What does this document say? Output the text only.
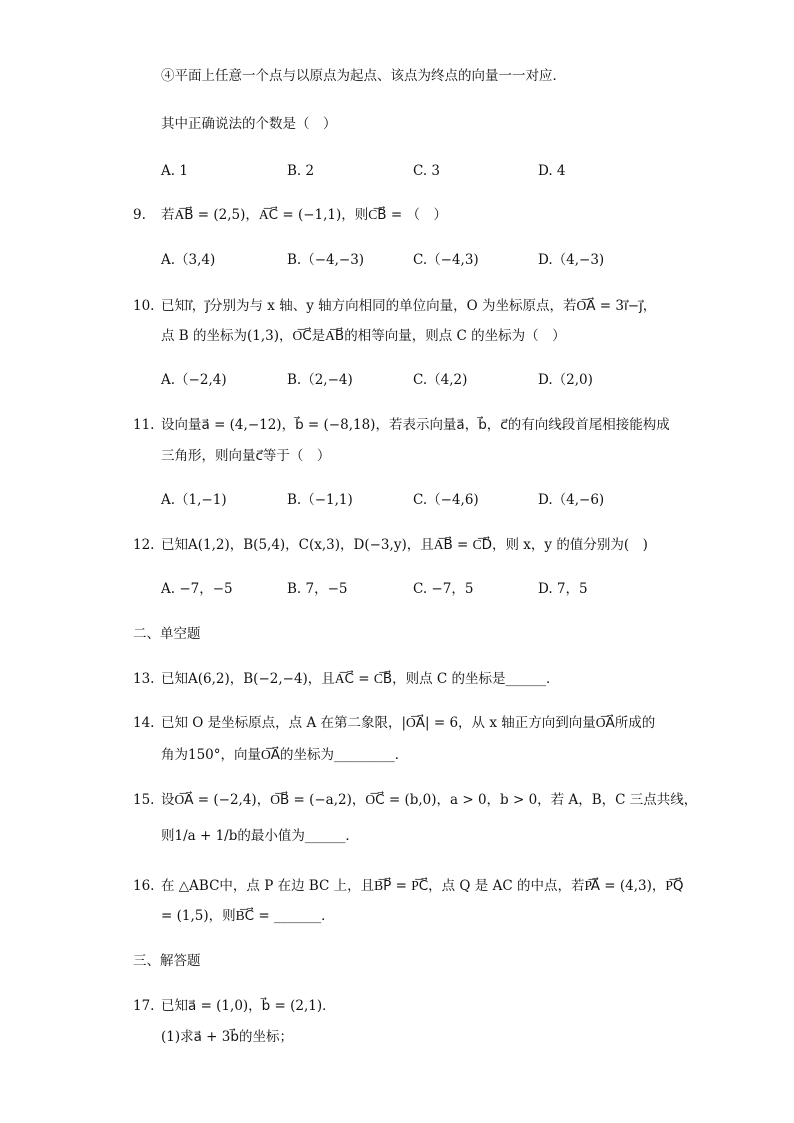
④平面上任意一个点与以原点为起点、该点为终点的向量一一对应．
其中正确说法的个数是（　）
A. 1	B. 2	C. 3	D. 4
9. 若A͞B⃗ = (2,5)，A͞C⃗ = (−1,1)，则C͞B⃗ = （　）
A.（3,4)	B.（−4,−3)	C.（−4,3)	D.（4,−3)
10. 已知i⃗，j⃗分别为与 x 轴、y 轴方向相同的单位向量，O 为坐标原点，若O͞A⃗ = 3i⃗−j⃗，
点 B 的坐标为(1,3)，O͞C⃗是A͞B⃗的相等向量，则点 C 的坐标为（　）
A.（−2,4)	B.（2,−4)	C.（4,2)	D.（2,0)
11. 设向量a⃗ = (4,−12)，b⃗ = (−8,18)，若表示向量a⃗，b⃗，c⃗的有向线段首尾相接能构成
三角形，则向量c⃗等于（　）
A.（1,−1)	B.（−1,1)	C.（−4,6)	D.（4,−6)
12. 已知A(1,2)，B(5,4)，C(x,3)，D(−3,y)，且A͞B⃗ = C͞D⃗，则 x，y 的值分别为(　)
A. −7，−5	B. 7，−5	C. −7，5	D. 7，5
二、单空题
13. 已知A(6,2)，B(−2,−4)，且A͞C⃗ = C͞B⃗，则点 C 的坐标是______．
14. 已知 O 是坐标原点，点 A 在第二象限，|O͞A⃗| = 6，从 x 轴正方向到向量O͞A⃗所成的
角为150°，向量O͞A⃗的坐标为_________．
15. 设O͞A⃗ = (−2,4)，O͞B⃗ = (−a,2)，O͞C⃗ = (b,0)，a > 0，b > 0，若 A，B，C 三点共线，
则1/a + 1/b的最小值为______．
16. 在 △ABC中，点 P 在边 BC 上，且B͞P⃗ = P͞C⃗，点 Q 是 AC 的中点，若P͞A⃗ = (4,3)，P͞Q⃗
= (1,5)，则B͞C⃗ = _______．
三、解答题
17. 已知a⃗ = (1,0)，b⃗ = (2,1)．
(1)求a⃗ + 3b⃗的坐标；
